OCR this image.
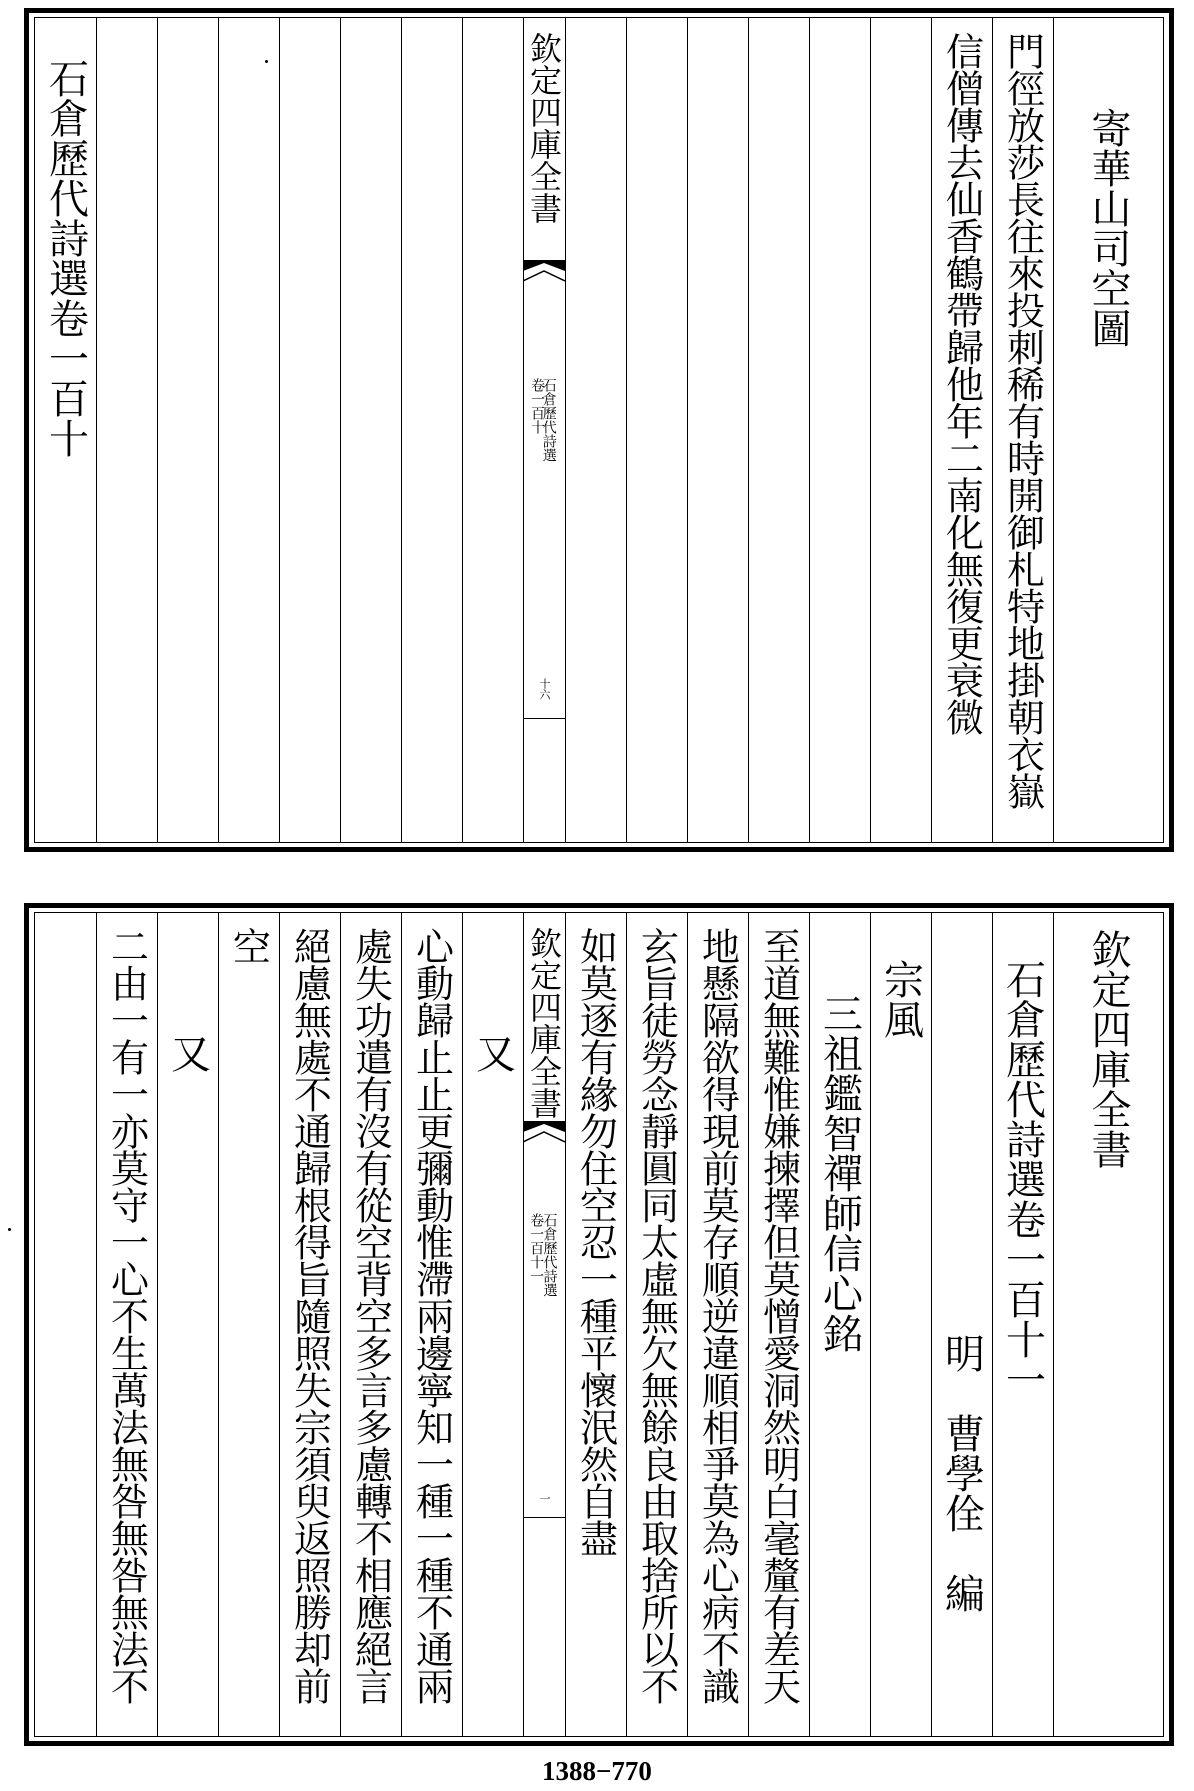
寄華山司空圖
門徑放莎長往來投刺稀有時開御札特地掛朝衣嶽
信僧傳去仙香鶴帶歸他年二南化無復更衰微
欽定四庫全書
石倉歷代詩選
卷一百十
十六
石倉歷代詩選卷一百十
欽定四庫全書
石倉歷代詩選卷一百十一
明　曹學佺　編
宗風
三祖鑑智禪師信心銘
至道無難惟嫌揀擇但莫憎愛洞然明白毫釐有差天
地懸隔欲得現前莫存順逆違順相爭莫為心病不識
玄旨徒勞念靜圓同太虛無欠無餘良由取捨所以不
如莫逐有緣勿住空忍一種平懷泯然自盡
欽定四庫全書
石倉歷代詩選
卷一百十一
一
又
心動歸止止更彌動惟滯兩邊寧知一種一種不通兩
處失功遣有沒有從空背空多言多慮轉不相應絕言
絕慮無處不通歸根得旨隨照失宗須臾返照勝却前
空
又
二由一有一亦莫守一心不生萬法無咎無咎無法不
1388−770
